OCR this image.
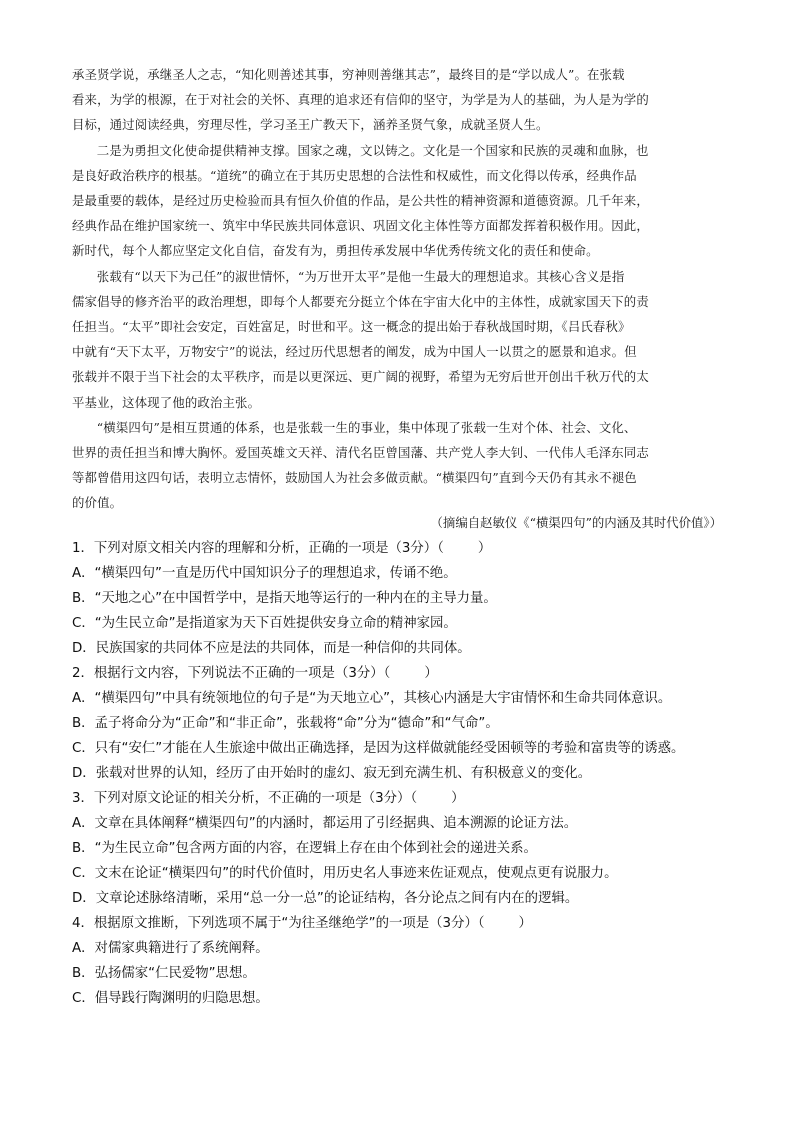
承圣贤学说，承继圣人之志，“知化则善述其事，穷神则善继其志”，最终目的是“学以成人”。在张载
看来，为学的根源，在于对社会的关怀、真理的追求还有信仰的坚守，为学是为人的基础，为人是为学的
目标，通过阅读经典，穷理尽性，学习圣王广教天下，涵养圣贤气象，成就圣贤人生。

二是为勇担文化使命提供精神支撑。国家之魂，文以铸之。文化是一个国家和民族的灵魂和血脉，也
是良好政治秩序的根基。“道统”的确立在于其历史思想的合法性和权威性，而文化得以传承，经典作品
是最重要的载体，是经过历史检验而具有恒久价值的作品，是公共性的精神资源和道德资源。几千年来，
经典作品在维护国家统一、筑牢中华民族共同体意识、巩固文化主体性等方面都发挥着积极作用。因此，
新时代，每个人都应坚定文化自信，奋发有为，勇担传承发展中华优秀传统文化的责任和使命。

张载有“以天下为己任”的淑世情怀，“为万世开太平”是他一生最大的理想追求。其核心含义是指
儒家倡导的修齐治平的政治理想，即每个人都要充分挺立个体在宇宙大化中的主体性，成就家国天下的责
任担当。“太平”即社会安定，百姓富足，时世和平。这一概念的提出始于春秋战国时期，《吕氏春秋》
中就有“天下太平，万物安宁”的说法，经过历代思想者的阐发，成为中国人一以贯之的愿景和追求。但
张载并不限于当下社会的太平秩序，而是以更深远、更广阔的视野，希望为无穷后世开创出千秋万代的太
平基业，这体现了他的政治主张。

“横渠四句”是相互贯通的体系，也是张载一生的事业，集中体现了张载一生对个体、社会、文化、
世界的责任担当和博大胸怀。爱国英雄文天祥、清代名臣曾国藩、共产党人李大钊、一代伟人毛泽东同志
等都曾借用这四句话，表明立志情怀，鼓励国人为社会多做贡献。“横渠四句”直到今天仍有其永不褪色
的价值。

（摘编自赵敏仪《“横渠四句”的内涵及其时代价值》）
1．下列对原文相关内容的理解和分析，正确的一项是（3分）（	）
A．“横渠四句”一直是历代中国知识分子的理想追求，传诵不绝。
B．“天地之心”在中国哲学中，是指天地等运行的一种内在的主导力量。
C．“为生民立命”是指道家为天下百姓提供安身立命的精神家园。
D．民族国家的共同体不应是法的共同体，而是一种信仰的共同体。
2．根据行文内容，下列说法不正确的一项是（3分）（	）
A．“横渠四句”中具有统领地位的句子是“为天地立心”，其核心内涵是大宇宙情怀和生命共同体意识。
B．孟子将命分为“正命”和“非正命”，张载将“命”分为“德命”和“气命”。
C．只有“安仁”才能在人生旅途中做出正确选择，是因为这样做就能经受困顿等的考验和富贵等的诱惑。
D．张载对世界的认知，经历了由开始时的虚幻、寂无到充满生机、有积极意义的变化。
3．下列对原文论证的相关分析，不正确的一项是（3分）（	）
A．文章在具体阐释“横渠四句”的内涵时，都运用了引经据典、追本溯源的论证方法。
B．“为生民立命”包含两方面的内容，在逻辑上存在由个体到社会的递进关系。
C．文末在论证“横渠四句”的时代价值时，用历史名人事迹来佐证观点，使观点更有说服力。
D．文章论述脉络清晰，采用“总一分一总”的论证结构，各分论点之间有内在的逻辑。
4．根据原文推断，下列选项不属于“为往圣继绝学”的一项是（3分）（	）
A．对儒家典籍进行了系统阐释。
B．弘扬儒家“仁民爱物”思想。
C．倡导践行陶渊明的归隐思想。
